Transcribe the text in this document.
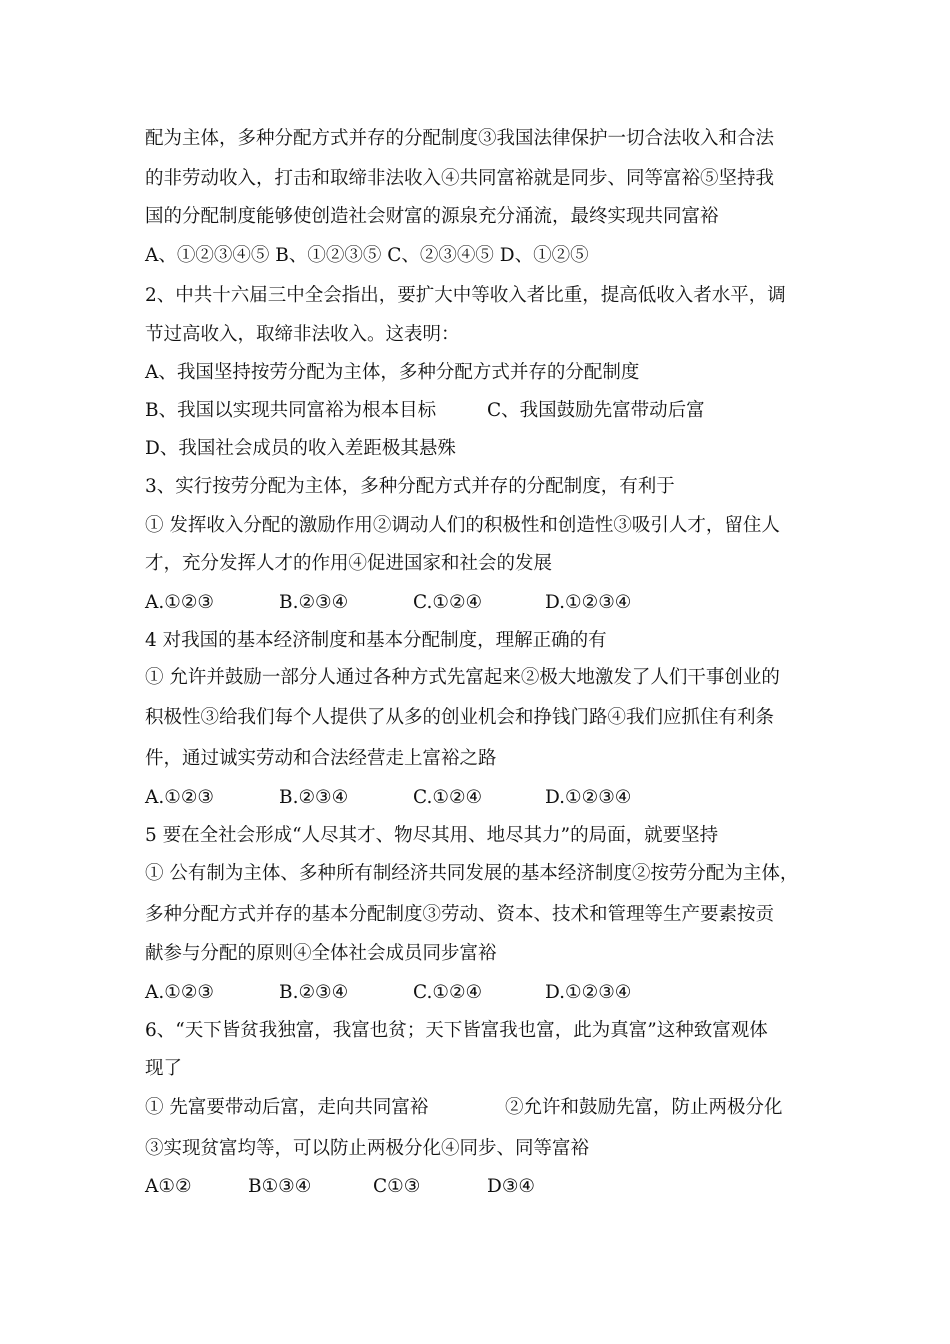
配为主体，多种分配方式并存的分配制度③我国法律保护一切合法收入和合法
的非劳动收入，打击和取缔非法收入④共同富裕就是同步、同等富裕⑤坚持我
国的分配制度能够使创造社会财富的源泉充分涌流，最终实现共同富裕
A、①②③④⑤ B、①②③⑤ C、②③④⑤ D、①②⑤
2、中共十六届三中全会指出，要扩大中等收入者比重，提高低收入者水平，调
节过高收入，取缔非法收入。这表明：
A、我国坚持按劳分配为主体，多种分配方式并存的分配制度
B、我国以实现共同富裕为根本目标	C、我国鼓励先富带动后富
D、我国社会成员的收入差距极其悬殊
3、实行按劳分配为主体，多种分配方式并存的分配制度，有利于
① 发挥收入分配的激励作用②调动人们的积极性和创造性③吸引人才，留住人
才，充分发挥人才的作用④促进国家和社会的发展
A.①②③	B.②③④	C.①②④	D.①②③④
4 对我国的基本经济制度和基本分配制度，理解正确的有
① 允许并鼓励一部分人通过各种方式先富起来②极大地激发了人们干事创业的
积极性③给我们每个人提供了从多的创业机会和挣钱门路④我们应抓住有利条
件，通过诚实劳动和合法经营走上富裕之路
A.①②③	B.②③④	C.①②④	D.①②③④
5 要在全社会形成“人尽其才、物尽其用、地尽其力”的局面，就要坚持
① 公有制为主体、多种所有制经济共同发展的基本经济制度②按劳分配为主体，
多种分配方式并存的基本分配制度③劳动、资本、技术和管理等生产要素按贡
献参与分配的原则④全体社会成员同步富裕
A.①②③	B.②③④	C.①②④	D.①②③④
6、“天下皆贫我独富，我富也贫；天下皆富我也富，此为真富”这种致富观体
现了
① 先富要带动后富，走向共同富裕	②允许和鼓励先富，防止两极分化
③实现贫富均等，可以防止两极分化④同步、同等富裕
A①②	B①③④	C①③	D③④
